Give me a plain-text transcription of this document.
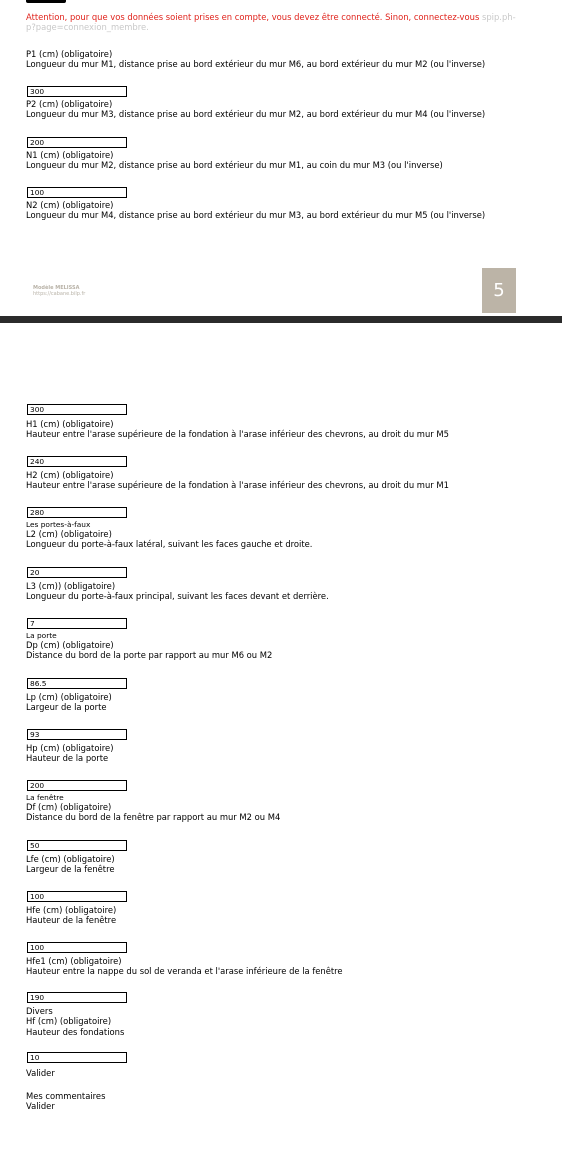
Attention, pour que vos données soient prises en compte, vous devez être connecté. Sinon, connectez-vous spip.ph-
p?page=connexion_membre.
P1 (cm) (obligatoire)
Longueur du mur M1, distance prise au bord extérieur du mur M6, au bord extérieur du mur M2 (ou l'inverse)
300
P2 (cm) (obligatoire)
Longueur du mur M3, distance prise au bord extérieur du mur M2, au bord extérieur du mur M4 (ou l'inverse)
200
N1 (cm) (obligatoire)
Longueur du mur M2, distance prise au bord extérieur du mur M1, au coin du mur M3 (ou l'inverse)
100
N2 (cm) (obligatoire)
Longueur du mur M4, distance prise au bord extérieur du mur M3, au bord extérieur du mur M5 (ou l'inverse)
Modèle MELISSA
https://cabane.bilp.fr	5
300
H1 (cm) (obligatoire)
Hauteur entre l'arase supérieure de la fondation à l'arase inférieur des chevrons, au droit du mur M5
240
H2 (cm) (obligatoire)
Hauteur entre l'arase supérieure de la fondation à l'arase inférieur des chevrons, au droit du mur M1
280
Les portes-à-faux
L2 (cm) (obligatoire)
Longueur du porte-à-faux latéral, suivant les faces gauche et droite.
20
L3 (cm)) (obligatoire)
Longueur du porte-à-faux principal, suivant les faces devant et derrière.
7
La porte
Dp (cm) (obligatoire)
Distance du bord de la porte par rapport au mur M6 ou M2
86.5
Lp (cm) (obligatoire)
Largeur de la porte
93
Hp (cm) (obligatoire)
Hauteur de la porte
200
La fenêtre
Df (cm) (obligatoire)
Distance du bord de la fenêtre par rapport au mur M2 ou M4
50
Lfe (cm) (obligatoire)
Largeur de la fenêtre
100
Hfe (cm) (obligatoire)
Hauteur de la fenêtre
100
Hfe1 (cm) (obligatoire)
Hauteur entre la nappe du sol de veranda et l'arase inférieure de la fenêtre
190
Divers
Hf (cm) (obligatoire)
Hauteur des fondations
10
Valider
Mes commentaires
Valider
